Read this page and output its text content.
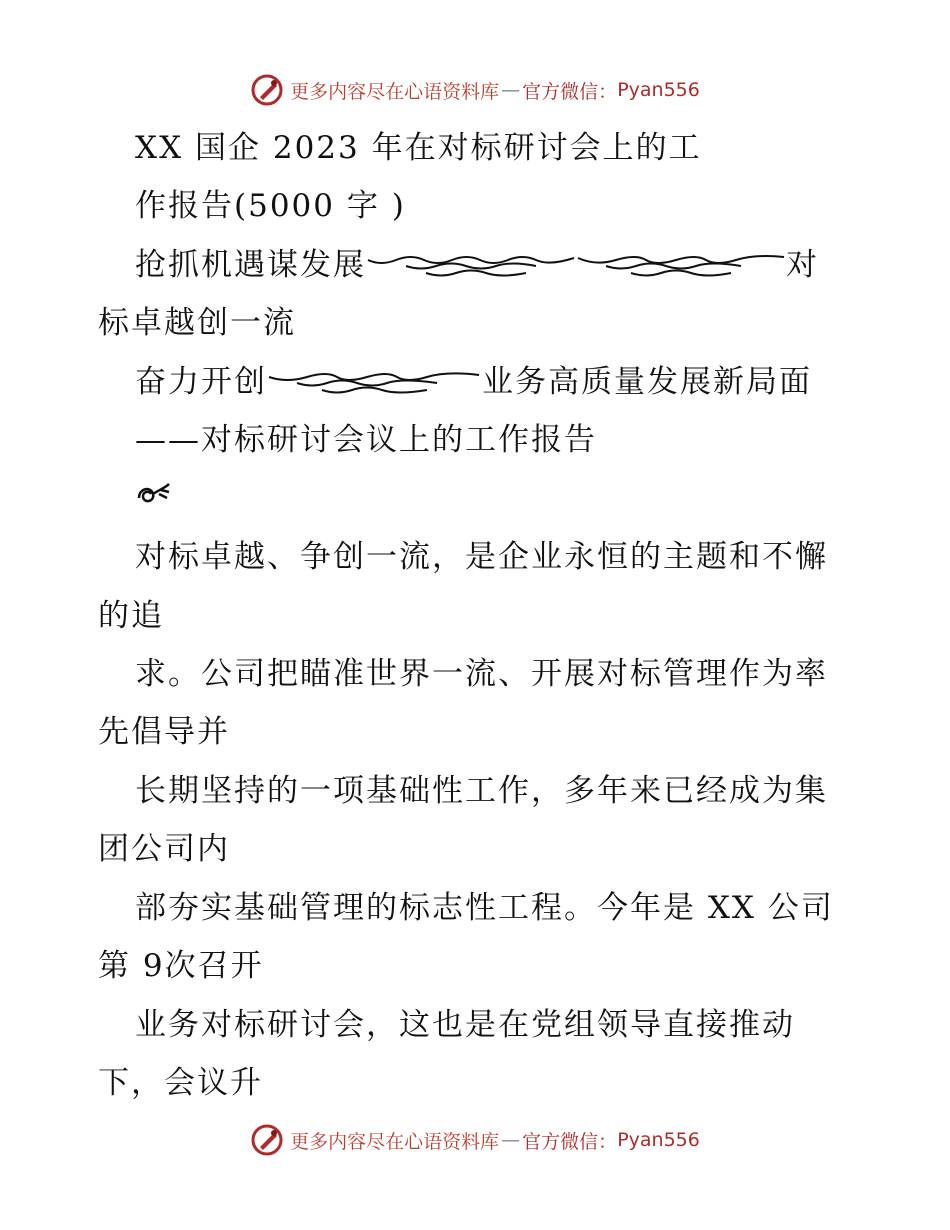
更多内容尽在心语资料库 — 官方微信： Pyan556
XX 国企 2023 年在对标研讨会上的工
作报告(5000 字 )
抢抓机遇谋发展	对
标卓越创一流
奋力开创	业务高质量发展新局面
——对标研讨会议上的工作报告
对标卓越、争创一流，是企业永恒的主题和不懈
的追
求。公司把瞄准世界一流、开展对标管理作为率
先倡导并
长期坚持的一项基础性工作，多年来已经成为集
团公司内
部夯实基础管理的标志性工程。今年是 XX 公司
第 9次召开
业务对标研讨会，这也是在党组领导直接推动
下，会议升
更多内容尽在心语资料库 — 官方微信： Pyan556
